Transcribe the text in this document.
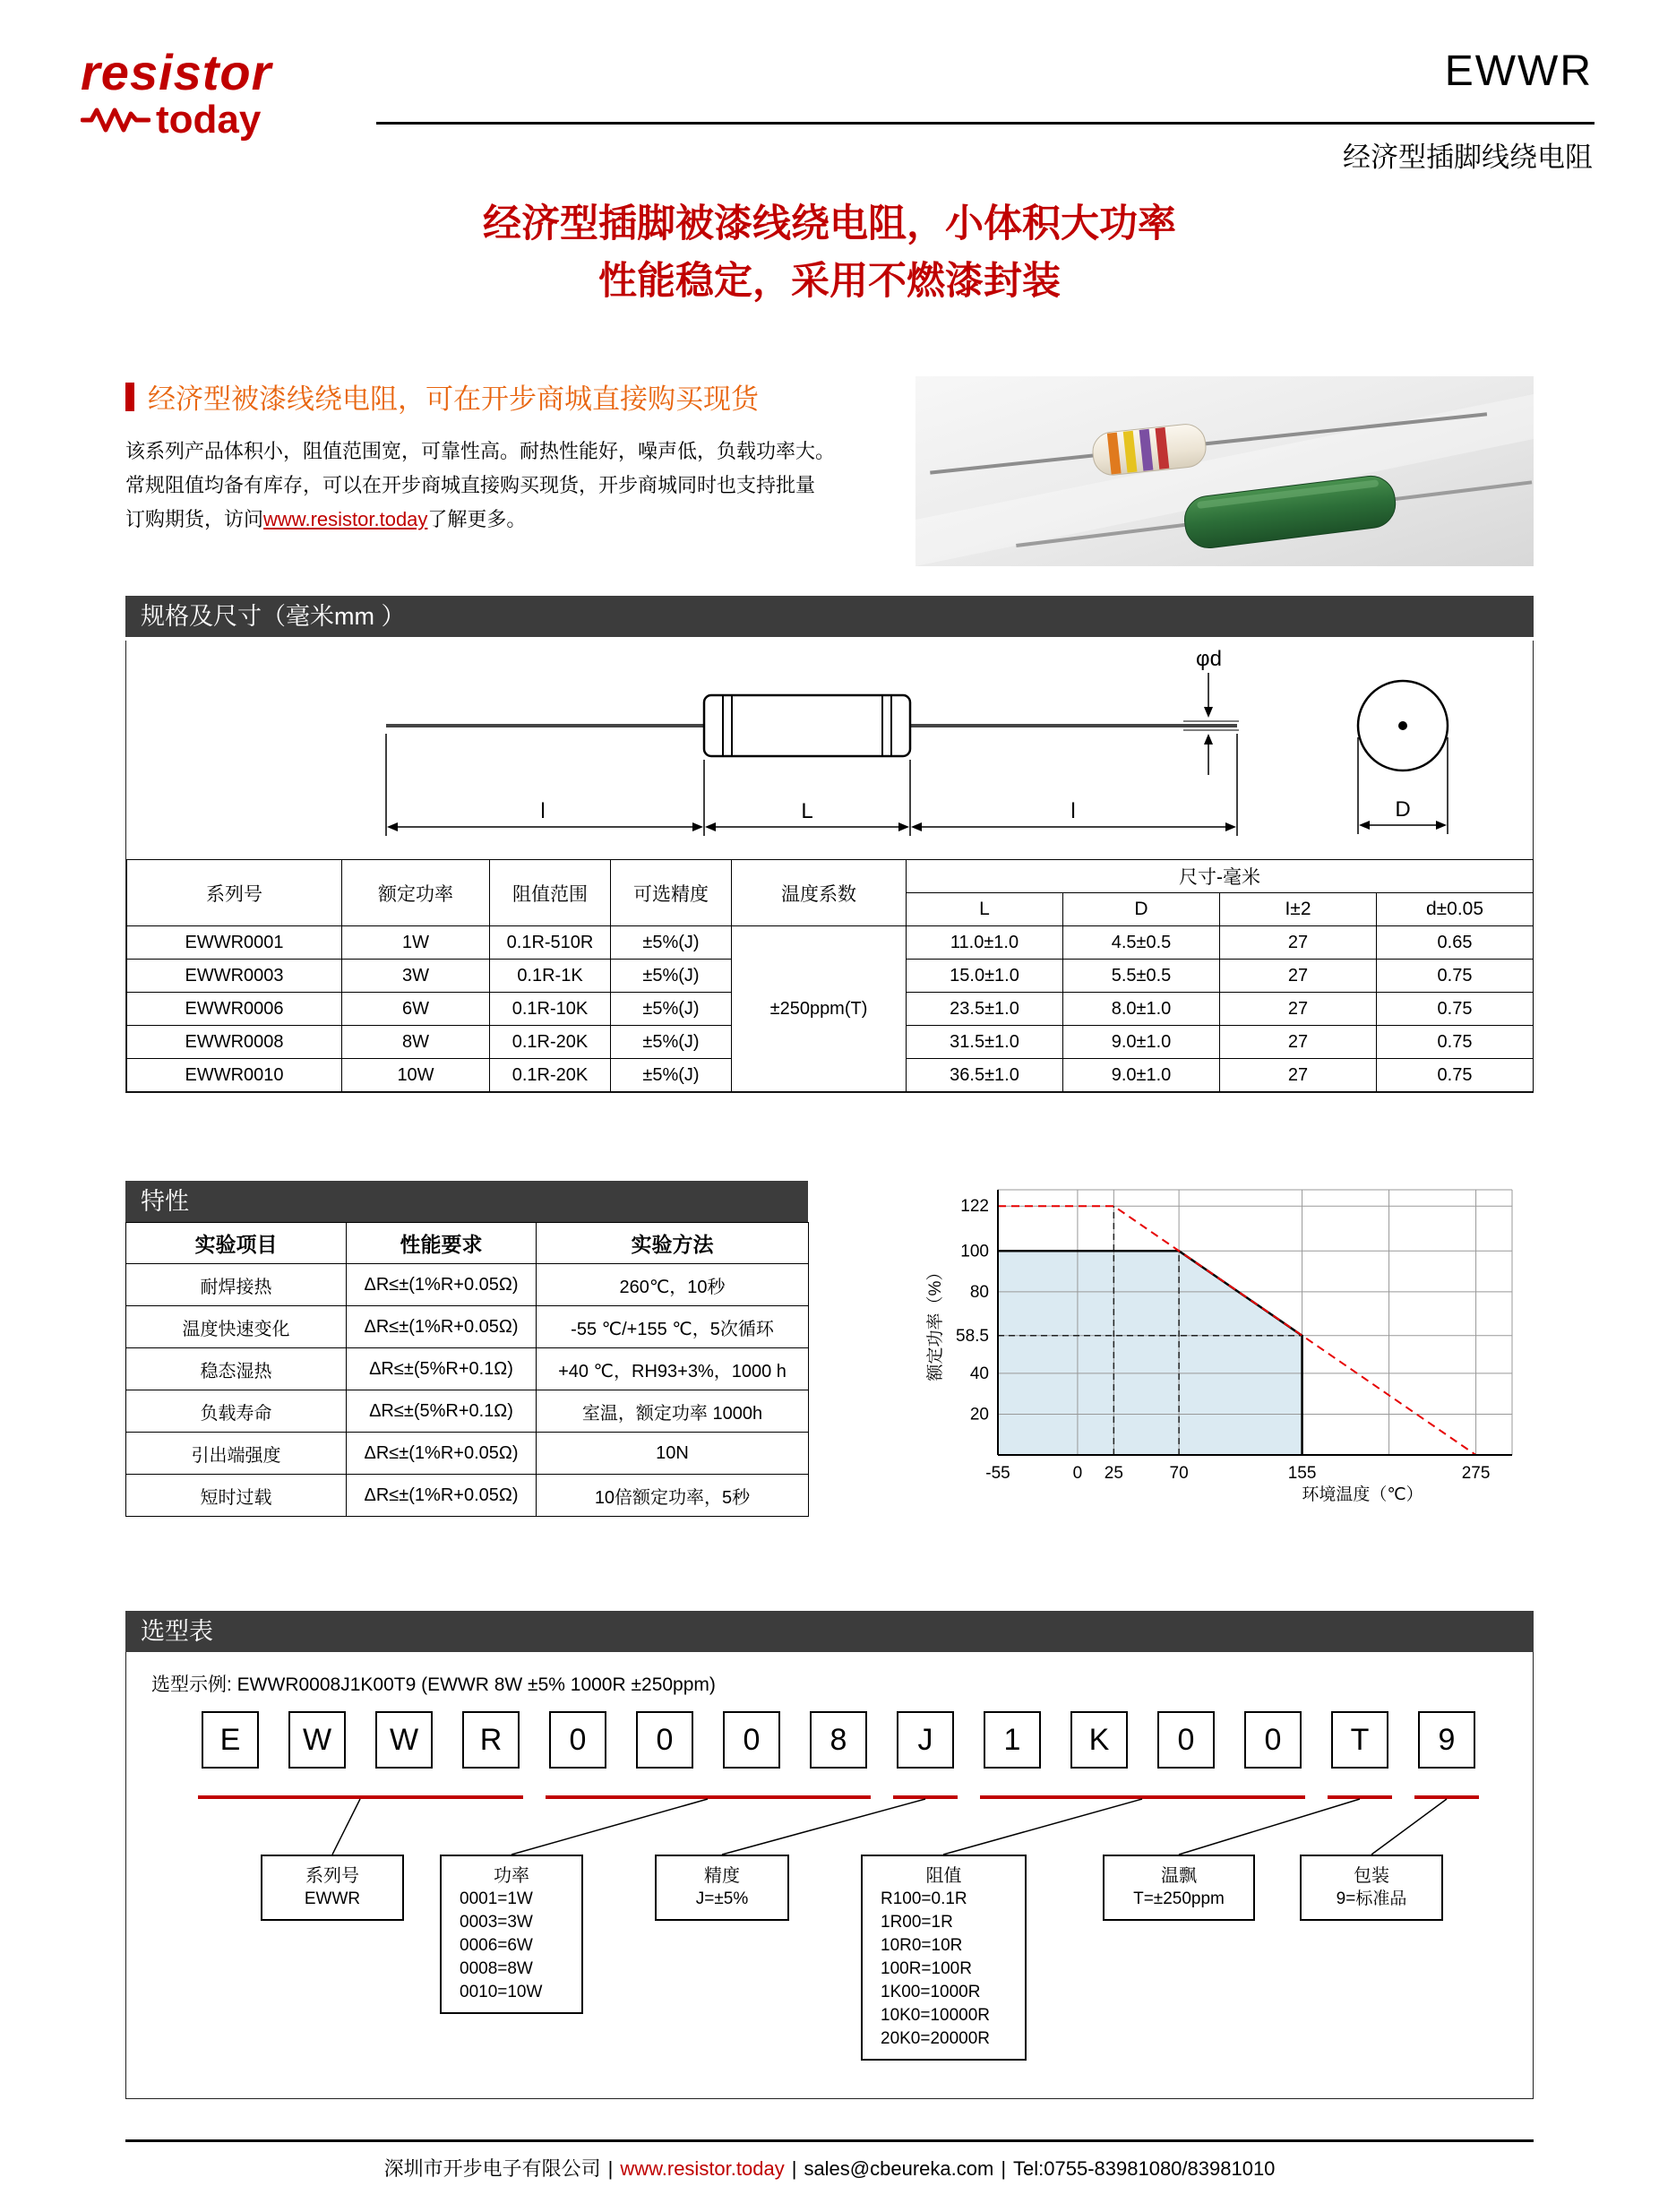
resistor
today
EWWR
经济型插脚线绕电阻
经济型插脚被漆线绕电阻，小体积大功率
性能稳定，采用不燃漆封装
经济型被漆线绕电阻，可在开步商城直接购买现货

该系列产品体积小，阻值范围宽，可靠性高。耐热性能好，噪声低，负载功率大。
常规阻值均备有库存，可以在开步商城直接购买现货，开步商城同时也支持批量
订购期货，访问www.resistor.today了解更多。

规格及尺寸（毫米mm ）
φd
l	L	l	D
系列号	额定功率	阻值范围	可选精度	温度系数	尺寸-毫米			
					L	D	I±2	d±0.05
EWWR0001	1W	0.1R-510R	±5%(J)	±250ppm(T)	11.0±1.0	4.5±0.5	27	0.65
EWWR0003	3W	0.1R-1K	±5%(J)		15.0±1.0	5.5±0.5	27	0.75
EWWR0006	6W	0.1R-10K	±5%(J)		23.5±1.0	8.0±1.0	27	0.75
EWWR0008	8W	0.1R-20K	±5%(J)		31.5±1.0	9.0±1.0	27	0.75
EWWR0010	10W	0.1R-20K	±5%(J)		36.5±1.0	9.0±1.0	27	0.75
特性
实验项目	性能要求	实验方法
耐焊接热	ΔR≤±(1%R+0.05Ω)	260℃，10秒
温度快速变化	ΔR≤±(1%R+0.05Ω)	-55 ℃/+155 ℃，5次循环
稳态湿热	ΔR≤±(5%R+0.1Ω)	+40 ℃，RH93+3%，1000 h
负载寿命	ΔR≤±(5%R+0.1Ω)	室温，额定功率 1000h
引出端强度	ΔR≤±(1%R+0.05Ω)	10N
短时过载	ΔR≤±(1%R+0.05Ω)	10倍额定功率，5秒
-55	0 25	70	155	275
20
40
58.5
80
100
122
额定功率（%）
环境温度（℃）
选型表
选型示例: EWWR0008J1K00T9 (EWWR 8W ±5% 1000R ±250ppm)
E	W	W	R	0	0	0	8	J	1	K	0	0	T	9
系列号
EWWR
功率
0001=1W
0003=3W
0006=6W
0008=8W
0010=10W
精度
J=±5%
阻值
R100=0.1R
1R00=1R
10R0=10R
100R=100R
1K00=1000R
10K0=10000R
20K0=20000R
温飘
T=±250ppm
包装
9=标准品
深圳市开步电子有限公司 | www.resistor.today | sales@cbeureka.com | Tel:0755-83981080/83981010
